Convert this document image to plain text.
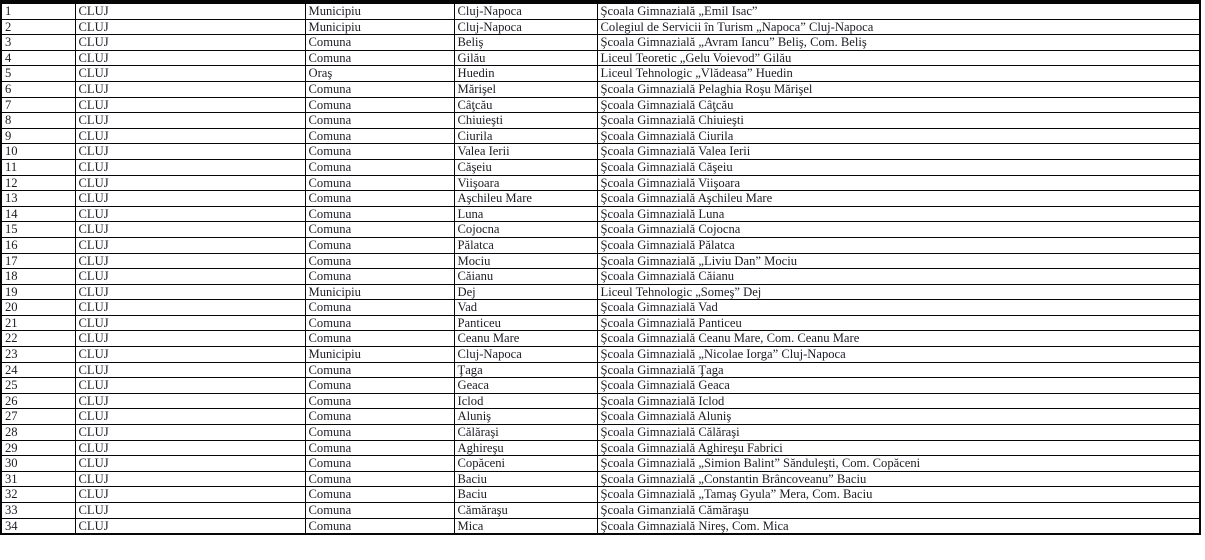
1	CLUJ	Municipiu	Cluj-Napoca	Şcoala Gimnazială „Emil Isac”
2	CLUJ	Municipiu	Cluj-Napoca	Colegiul de Servicii în Turism „Napoca” Cluj-Napoca
3	CLUJ	Comuna	Beliş	Şcoala Gimnazială „Avram Iancu” Beliş, Com. Beliş
4	CLUJ	Comuna	Gilău	Liceul Teoretic „Gelu Voievod” Gilău
5	CLUJ	Oraş	Huedin	Liceul Tehnologic „Vlădeasa” Huedin
6	CLUJ	Comuna	Mărişel	Şcoala Gimnazială Pelaghia Roşu Mărişel
7	CLUJ	Comuna	Câţcău	Şcoala Gimnazială Câţcău
8	CLUJ	Comuna	Chiuieşti	Şcoala Gimnazială Chiuieşti
9	CLUJ	Comuna	Ciurila	Şcoala Gimnazială Ciurila
10	CLUJ	Comuna	Valea Ierii	Şcoala Gimnazială Valea Ierii
11	CLUJ	Comuna	Căşeiu	Şcoala Gimnazială Căşeiu
12	CLUJ	Comuna	Viişoara	Şcoala Gimnazială Viişoara
13	CLUJ	Comuna	Aşchileu Mare	Şcoala Gimnazială Aşchileu Mare
14	CLUJ	Comuna	Luna	Şcoala Gimnazială Luna
15	CLUJ	Comuna	Cojocna	Şcoala Gimnazială Cojocna
16	CLUJ	Comuna	Pălatca	Şcoala Gimnazială Pălatca
17	CLUJ	Comuna	Mociu	Şcoala Gimnazială „Liviu Dan” Mociu
18	CLUJ	Comuna	Căianu	Şcoala Gimnazială Căianu
19	CLUJ	Municipiu	Dej	Liceul Tehnologic „Someş” Dej
20	CLUJ	Comuna	Vad	Şcoala Gimnazială Vad
21	CLUJ	Comuna	Panticeu	Şcoala Gimnazială Panticeu
22	CLUJ	Comuna	Ceanu Mare	Şcoala Gimnazială Ceanu Mare, Com. Ceanu Mare
23	CLUJ	Municipiu	Cluj-Napoca	Şcoala Gimnazială „Nicolae Iorga” Cluj-Napoca
24	CLUJ	Comuna	Ţaga	Şcoala Gimnazială Ţaga
25	CLUJ	Comuna	Geaca	Şcoala Gimnazială Geaca
26	CLUJ	Comuna	Iclod	Şcoala Gimnazială Iclod
27	CLUJ	Comuna	Aluniş	Şcoala Gimnazială Aluniş
28	CLUJ	Comuna	Călăraşi	Şcoala Gimnazială Călăraşi
29	CLUJ	Comuna	Aghireşu	Şcoala Gimnazială Aghireşu Fabrici
30	CLUJ	Comuna	Copăceni	Şcoala Gimnazială „Simion Balint” Sănduleşti, Com. Copăceni
31	CLUJ	Comuna	Baciu	Şcoala Gimnazială „Constantin Brâncoveanu” Baciu
32	CLUJ	Comuna	Baciu	Şcoala Gimnazială „Tamaş Gyula” Mera, Com. Baciu
33	CLUJ	Comuna	Cămăraşu	Şcoala Gimanzială Cămăraşu
34	CLUJ	Comuna	Mica	Şcoala Gimnazială Nireş, Com. Mica
